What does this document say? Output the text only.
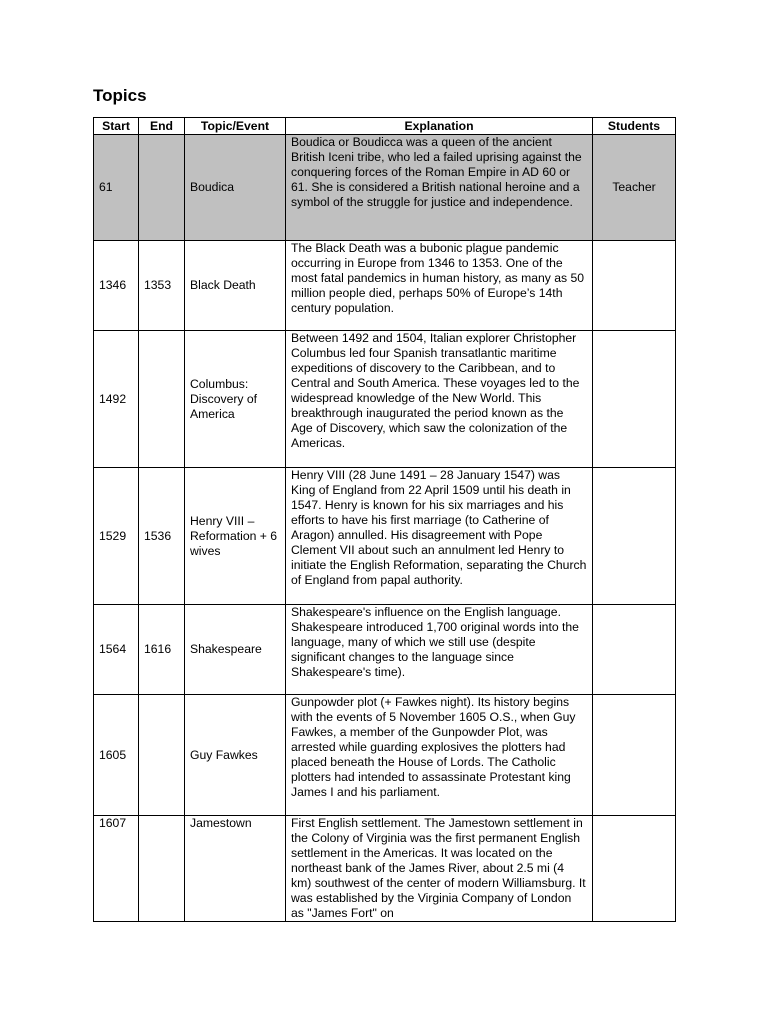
Topics
Start	End	Topic/Event	Explanation	Students
61		Boudica	Boudica or Boudicca was a queen of the ancient British Iceni tribe, who led a failed uprising against the conquering forces of the Roman Empire in AD 60 or 61. She is considered a British national heroine and a symbol of the struggle for justice and independence.	Teacher
1346	1353	Black Death	The Black Death was a bubonic plague pandemic occurring in Europe from 1346 to 1353. One of the most fatal pandemics in human history, as many as 50 million people died, perhaps 50% of Europe’s 14th century population.	
1492		Columbus: Discovery of America	Between 1492 and 1504, Italian explorer Christopher Columbus led four Spanish transatlantic maritime expeditions of discovery to the Caribbean, and to Central and South America. These voyages led to the widespread knowledge of the New World. This breakthrough inaugurated the period known as the Age of Discovery, which saw the colonization of the Americas.	
1529	1536	Henry VIII – Reformation + 6 wives	Henry VIII (28 June 1491 – 28 January 1547) was King of England from 22 April 1509 until his death in 1547. Henry is known for his six marriages and his efforts to have his first marriage (to Catherine of Aragon) annulled. His disagreement with Pope Clement VII about such an annulment led Henry to initiate the English Reformation, separating the Church of England from papal authority.	
1564	1616	Shakespeare	Shakespeare's influence on the English language. Shakespeare introduced 1,700 original words into the language, many of which we still use (despite significant changes to the language since Shakespeare's time).	
1605		Guy Fawkes	Gunpowder plot (+ Fawkes night). Its history begins with the events of 5 November 1605 O.S., when Guy Fawkes, a member of the Gunpowder Plot, was arrested while guarding explosives the plotters had placed beneath the House of Lords. The Catholic plotters had intended to assassinate Protestant king James I and his parliament.	
1607		Jamestown	First English settlement. The Jamestown settlement in the Colony of Virginia was the first permanent English settlement in the Americas. It was located on the northeast bank of the James River, about 2.5 mi (4 km) southwest of the center of modern Williamsburg. It was established by the Virginia Company of London as "James Fort" on	
